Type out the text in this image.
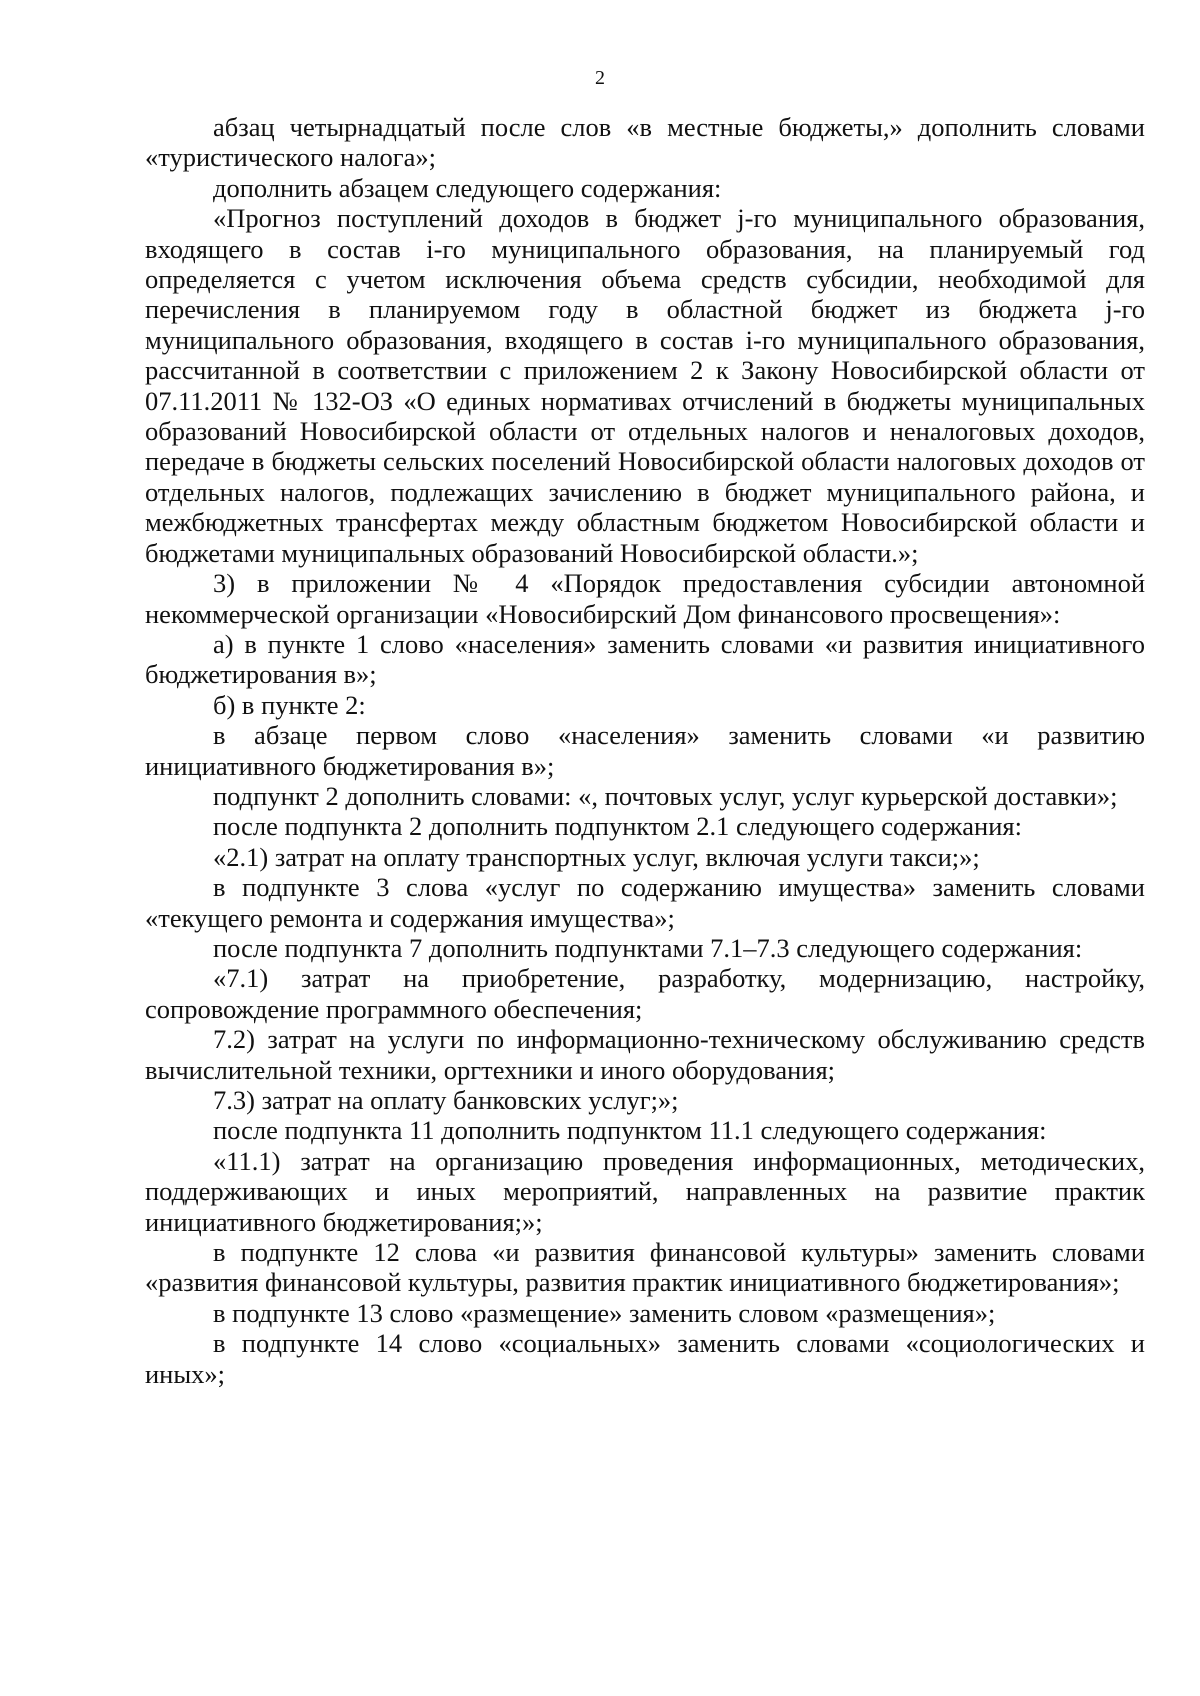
2

абзац четырнадцатый после слов «в местные бюджеты,» дополнить словами «туристического налога»;

дополнить абзацем следующего содержания:

«Прогноз поступлений доходов в бюджет j-го муниципального образования, входящего в состав i-го муниципального образования, на планируемый год определяется с учетом исключения объема средств субсидии, необходимой для перечисления в планируемом году в областной бюджет из бюджета j-го муниципального образования, входящего в состав i-го муниципального образования, рассчитанной в соответствии с приложением 2 к Закону Новосибирской области от 07.11.2011 № 132-ОЗ «О единых нормативах отчислений в бюджеты муниципальных образований Новосибирской области от отдельных налогов и неналоговых доходов, передаче в бюджеты сельских поселений Новосибирской области налоговых доходов от отдельных налогов, подлежащих зачислению в бюджет муниципального района, и межбюджетных трансфертах между областным бюджетом Новосибирской области и бюджетами муниципальных образований Новосибирской области.»;

3) в приложении № 4 «Порядок предоставления субсидии автономной некоммерческой организации «Новосибирский Дом финансового просвещения»:

а) в пункте 1 слово «населения» заменить словами «и развития инициативного бюджетирования в»;

б) в пункте 2:

в абзаце первом слово «населения» заменить словами «и развитию инициативного бюджетирования в»;

подпункт 2 дополнить словами: «, почтовых услуг, услуг курьерской доставки»;

после подпункта 2 дополнить подпунктом 2.1 следующего содержания:

«2.1) затрат на оплату транспортных услуг, включая услуги такси;»;

в подпункте 3 слова «услуг по содержанию имущества» заменить словами «текущего ремонта и содержания имущества»;

после подпункта 7 дополнить подпунктами 7.1–7.3 следующего содержания:

«7.1) затрат на приобретение, разработку, модернизацию, настройку, сопровождение программного обеспечения;

7.2) затрат на услуги по информационно-техническому обслуживанию средств вычислительной техники, оргтехники и иного оборудования;

7.3) затрат на оплату банковских услуг;»;

после подпункта 11 дополнить подпунктом 11.1 следующего содержания:

«11.1) затрат на организацию проведения информационных, методических, поддерживающих и иных мероприятий, направленных на развитие практик инициативного бюджетирования;»;

в подпункте 12 слова «и развития финансовой культуры» заменить словами «развития финансовой культуры, развития практик инициативного бюджетирования»;

в подпункте 13 слово «размещение» заменить словом «размещения»;

в подпункте 14 слово «социальных» заменить словами «социологических и иных»;
